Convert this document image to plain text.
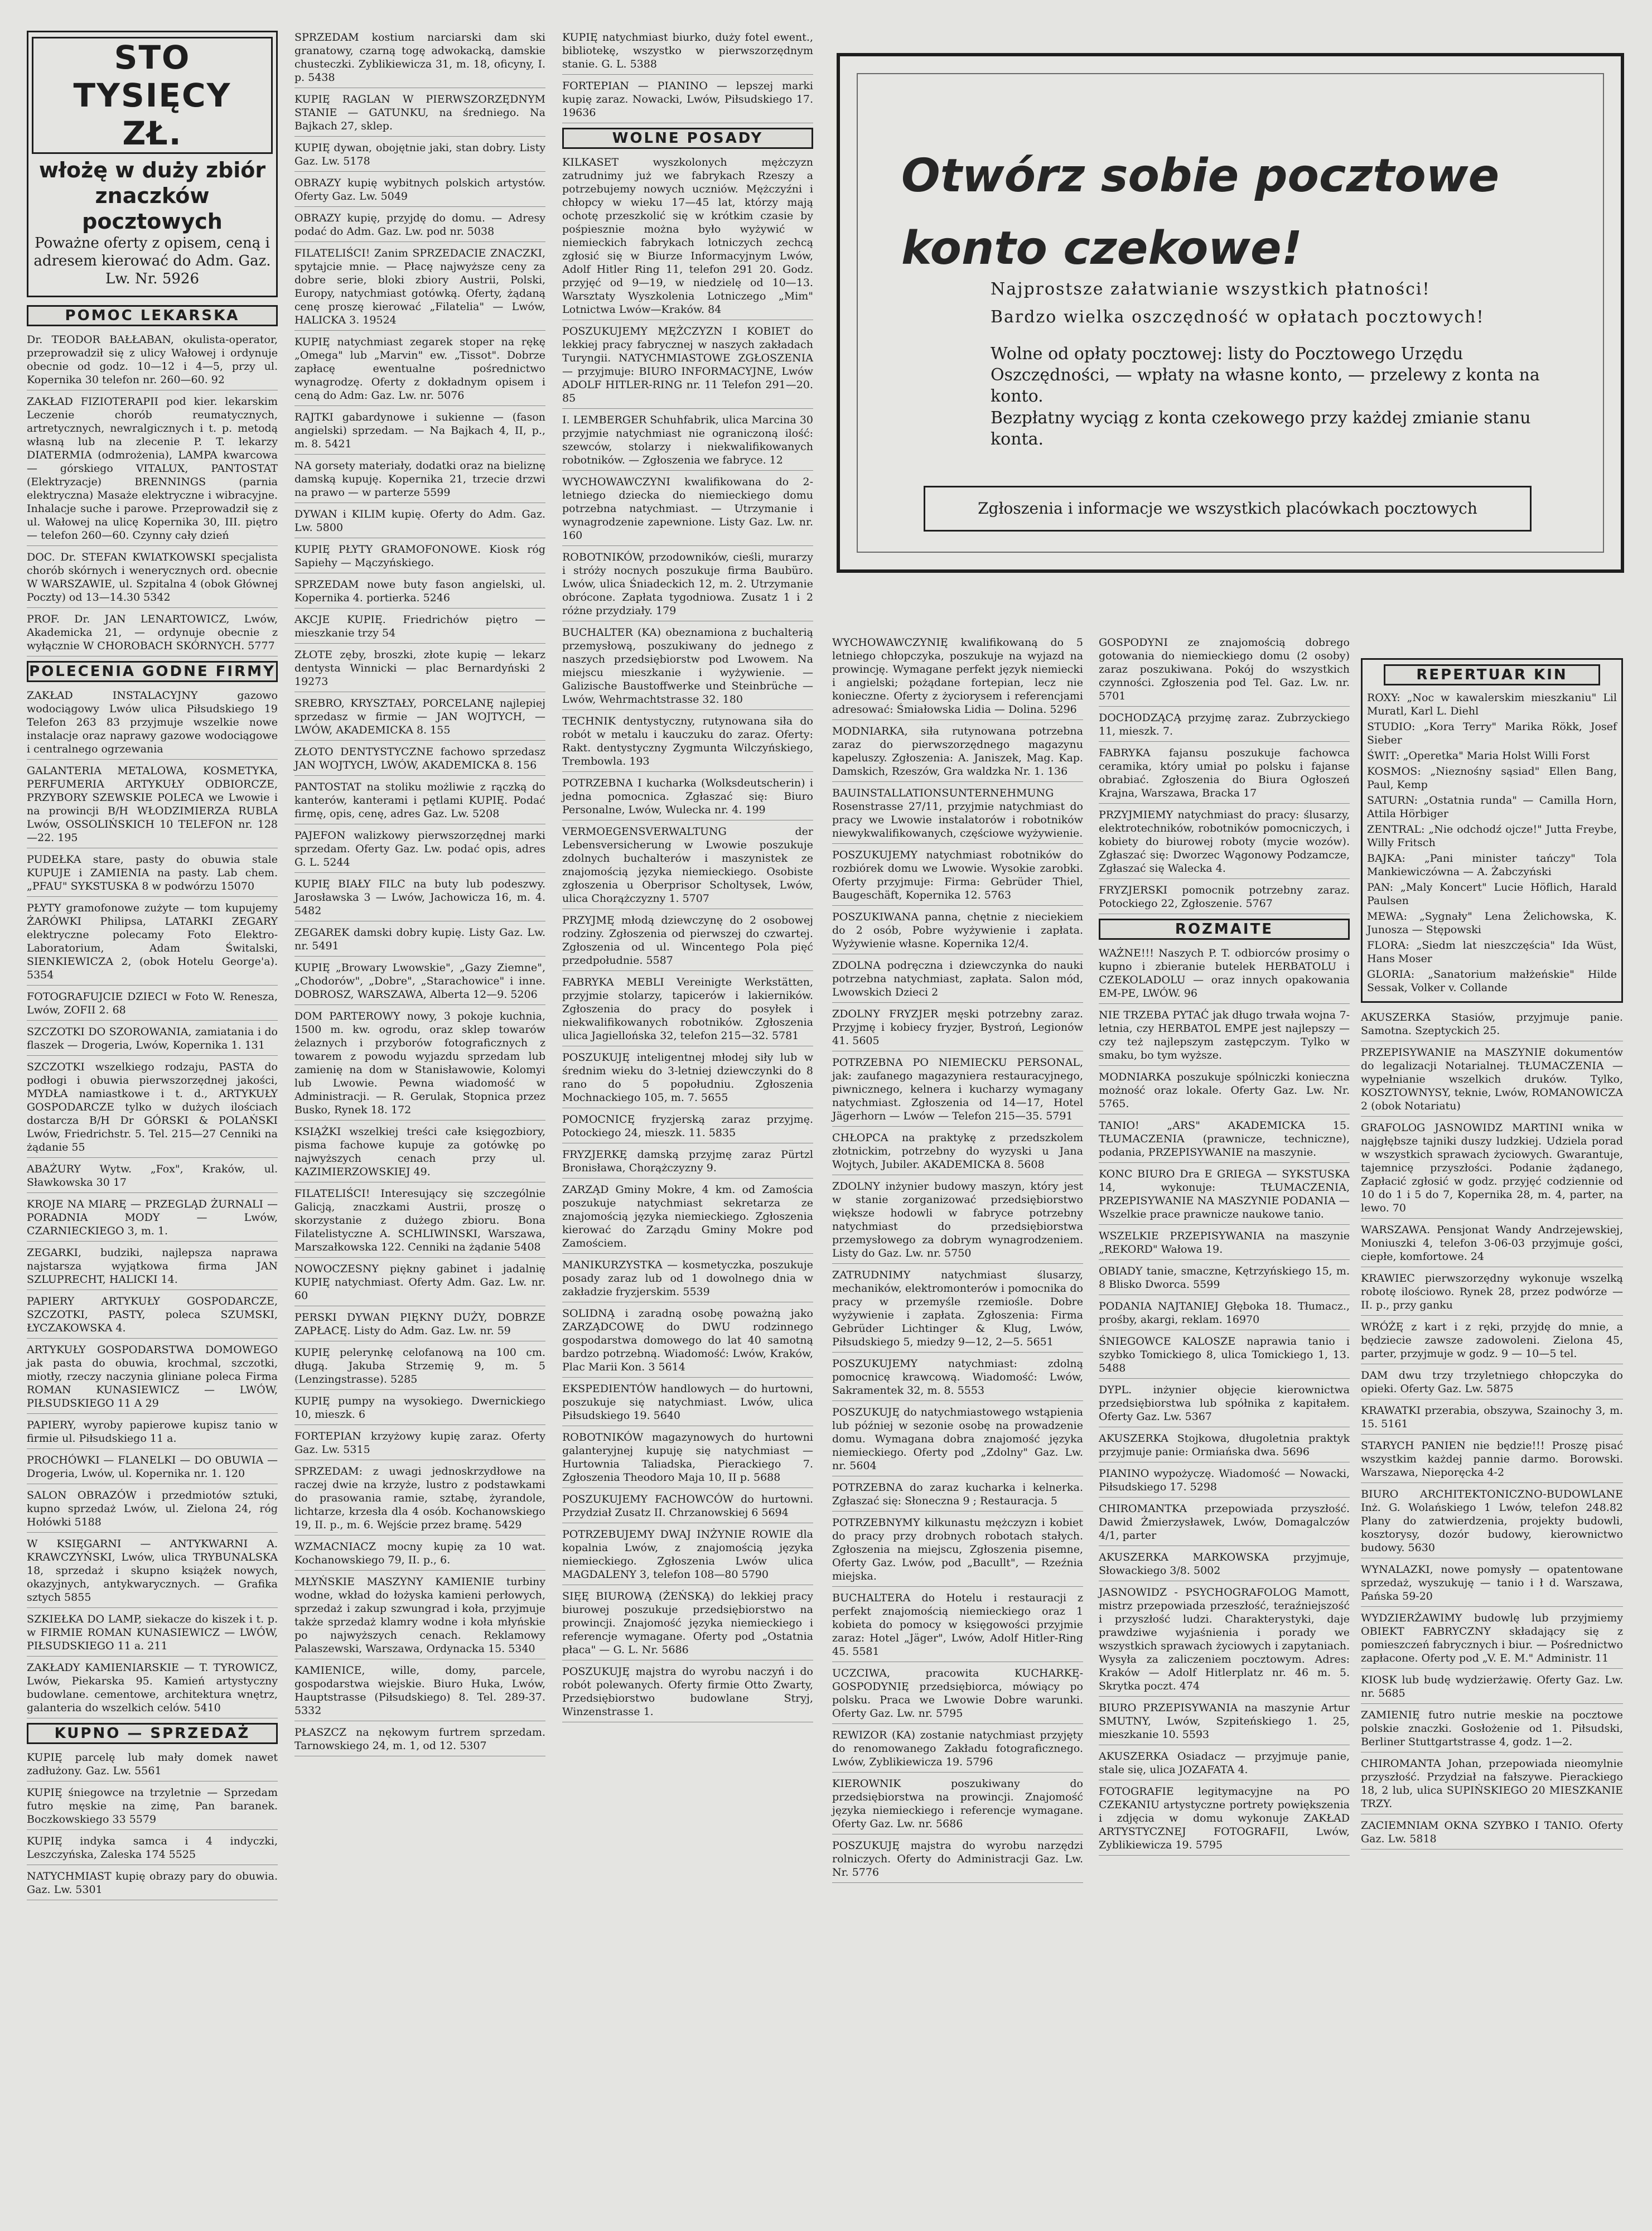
STO TYSIĘCY ZŁ.
włożę w duży zbiór
znaczków pocztowych
Poważne oferty z opisem, ceną i adresem kierować do Adm. Gaz. Lw. Nr. 5926
POMOC LEKARSKA
Dr. TEODOR BAŁŁABAN, okulista-operator, przeprowadził się z ulicy Wałowej i ordynuje obecnie od godz. 10—12 i 4—5, przy ul. Kopernika 30 telefon nr. 260—60. 92
ZAKŁAD FIZIOTERAPII pod kier. lekarskim Leczenie chorób reumatycznych, artretycznych, newralgicznych i t. p. metodą własną lub na zlecenie P. T. lekarzy DIATERMIA (odmrożenia), LAMPA kwarcowa — górskiego VITALUX, PANTOSTAT (Elektryzacje) BRENNINGS (parnia elektryczna) Masaże elektryczne i wibracyjne. Inhalacje suche i parowe. Przeprowadził się z ul. Wałowej na ulicę Kopernika 30, III. piętro — telefon 260—60. Czynny cały dzień
DOC. Dr. STEFAN KWIATKOWSKI specjalista chorób skórnych i wenerycznych ord. obecnie W WARSZAWIE, ul. Szpitalna 4 (obok Głównej Poczty) od 13—14.30 5342
PROF. Dr. JAN LENARTOWICZ, Lwów, Akademicka 21, — ordynuje obecnie z wyłącznie W CHOROBACH SKÓRNYCH. 5777
POLECENIA GODNE FIRMY
ZAKŁAD INSTALACYJNY gazowo wodociągowy Lwów ulica Piłsudskiego 19 Telefon 263 83 przyjmuje wszelkie nowe instalacje oraz naprawy gazowe wodociągowe i centralnego ogrzewania
GALANTERIA METALOWA, KOSMETYKA, PERFUMERIA ARTYKUŁY ODBIORCZE, PRZYBORY SZEWSKIE POLECA we Lwowie i na prowincji B/H WŁODZIMIERZA RUBLA Lwów, OSSOLIŃSKICH 10 TELEFON nr. 128—22. 195
PUDEŁKA stare, pasty do obuwia stale KUPUJE i ZAMIENIA na pasty. Lab chem. „PFAU" SYKSTUSKA 8 w podwórzu 15070
PŁYTY gramofonowe zużyte — tom kupujemy ŻARÓWKI Philipsa, LATARKI ZEGARY elektryczne polecamy Foto Elektro-Laboratorium, Adam Świtalski, SIENKIEWICZA 2, (obok Hotelu George'a). 5354
FOTOGRAFUJCIE DZIECI w Foto W. Renesza, Lwów, ZOFII 2. 68
SZCZOTKI DO SZOROWANIA, zamiatania i do flaszek — Drogeria, Lwów, Kopernika 1. 131
SZCZOTKI wszelkiego rodzaju, PASTA do podłogi i obuwia pierwszorzędnej jakości, MYDŁA namiastkowe i t. d., ARTYKUŁY GOSPODARCZE tylko w dużych ilościach dostarcza B/H Dr GÓRSKI & POLAŃSKI Lwów, Friedrichstr. 5. Tel. 215—27 Cenniki na żądanie 55
ABAŻURY Wytw. „Fox", Kraków, ul. Sławkowska 30 17
KROJE NA MIARĘ — PRZEGLĄD ŻURNALI — PORADNIA MODY — Lwów, CZARNIECKIEGO 3, m. 1.
ZEGARKI, budziki, najlepsza naprawa najstarsza wyjątkowa firma JAN SZLUPRECHT, HALICKI 14.
PAPIERY ARTYKUŁY GOSPODARCZE, SZCZOTKI, PASTY, poleca SZUMSKI, ŁYCZAKOWSKA 4.
ARTYKUŁY GOSPODARSTWA DOMOWEGO jak pasta do obuwia, krochmal, szczotki, miotły, rzeczy naczynia gliniane poleca Firma ROMAN KUNASIEWICZ — LWÓW, PIŁSUDSKIEGO 11 A 29
PAPIERY, wyroby papierowe kupisz tanio w firmie ul. Piłsudskiego 11 a.
PROCHÓWKI — FLANELKI — DO OBUWIA — Drogeria, Lwów, ul. Kopernika nr. 1. 120
SALON OBRAZÓW i przedmiotów sztuki, kupno sprzedaż Lwów, ul. Zielona 24, róg Hołówki 5188
W KSIĘGARNI — ANTYKWARNI A. KRAWCZYŃSKI, Lwów, ulica TRYBUNALSKA 18, sprzedaż i skupno książek nowych, okazyjnych, antykwarycznych. — Grafika sztych 5855
SZKIEŁKA DO LAMP, siekacze do kiszek i t. p. w FIRMIE ROMAN KUNASIEWICZ — LWÓW, PIŁSUDSKIEGO 11 a. 211
ZAKŁADY KAMIENIARSKIE — T. TYROWICZ, Lwów, Piekarska 95. Kamień artystyczny budowlane. cementowe, architektura wnętrz, galanteria do wszelkich celów. 5410
KUPNO — SPRZEDAŻ
KUPIĘ parcelę lub mały domek nawet zadłużony. Gaz. Lw. 5561
KUPIĘ śniegowce na trzyletnie — Sprzedam futro męskie na zimę, Pan baranek. Boczkowskiego 33 5579
KUPIĘ indyka samca i 4 indyczki, Leszczyńska, Zaleska 174 5525
NATYCHMIAST kupię obrazy pary do obuwia. Gaz. Lw. 5301
SPRZEDAM kostium narciarski dam ski granatowy, czarną togę adwokacką, damskie chusteczki. Zyblikiewicza 31, m. 18, oficyny, I. p. 5438
KUPIĘ RAGLAN W PIERWSZORZĘDNYM STANIE — GATUNKU, na średniego. Na Bajkach 27, sklep.
KUPIĘ dywan, obojętnie jaki, stan dobry. Listy Gaz. Lw. 5178
OBRAZY kupię wybitnych polskich artystów. Oferty Gaz. Lw. 5049
OBRAZY kupię, przyjdę do domu. — Adresy podać do Adm. Gaz. Lw. pod nr. 5038
FILATELIŚCI! Zanim SPRZEDACIE ZNACZKI, spytajcie mnie. — Płacę najwyższe ceny za dobre serie, bloki zbiory Austrii, Polski, Europy, natychmiast gotówką. Oferty, żądaną cenę proszę kierować „Filatelia" — Lwów, HALICKA 3. 19524
KUPIĘ natychmiast zegarek stoper na rękę „Omega" lub „Marvin" ew. „Tissot". Dobrze zapłacę ewentualne pośrednictwo wynagrodzę. Oferty z dokładnym opisem i ceną do Adm: Gaz. Lw. nr. 5076
RAJTKI gabardynowe i sukienne — (fason angielski) sprzedam. — Na Bajkach 4, II, p., m. 8. 5421
NA gorsety materiały, dodatki oraz na bieliznę damską kupuję. Kopernika 21, trzecie drzwi na prawo — w parterze 5599
DYWAN i KILIM kupię. Oferty do Adm. Gaz. Lw. 5800
KUPIĘ PŁYTY GRAMOFONOWE. Kiosk róg Sapiehy — Mączyńskiego.
SPRZEDAM nowe buty fason angielski, ul. Kopernika 4. portierka. 5246
AKCJE KUPIĘ. Friedrichów piętro — mieszkanie trzy 54
ZŁOTE zęby, broszki, złote kupię — lekarz dentysta Winnicki — plac Bernardyński 2 19273
SREBRO, KRYSZTAŁY, PORCELANĘ najlepiej sprzedasz w firmie — JAN WOJTYCH, — LWÓW, AKADEMICKA 8. 155
ZŁOTO DENTYSTYCZNE fachowo sprzedasz JAN WOJTYCH, LWÓW, AKADEMICKA 8. 156
PANTOSTAT na stoliku możliwie z rączką do kanterów, kanterami i pętlami KUPIĘ. Podać firmę, opis, cenę, adres Gaz. Lw. 5208
PAJEFON walizkowy pierwszorzędnej marki sprzedam. Oferty Gaz. Lw. podać opis, adres G. L. 5244
KUPIĘ BIAŁY FILC na buty lub podeszwy. Jarosławska 3 — Lwów, Jachowicza 16, m. 4. 5482
ZEGAREK damski dobry kupię. Listy Gaz. Lw. nr. 5491
KUPIĘ „Browary Lwowskie", „Gazy Ziemne", „Chodorów", „Dobre", „Starachowice" i inne. DOBROSZ, WARSZAWA, Alberta 12—9. 5206
DOM PARTEROWY nowy, 3 pokoje kuchnia, 1500 m. kw. ogrodu, oraz sklep towarów żelaznych i przyborów fotograficznych z towarem z powodu wyjazdu sprzedam lub zamienię na dom w Stanisławowie, Kolomyi lub Lwowie. Pewna wiadomość w Administracji. — R. Gerulak, Stopnica przez Busko, Rynek 18. 172
KSIĄŻKI wszelkiej treści całe księgozbiory, pisma fachowe kupuje za gotówkę po najwyższych cenach przy ul. KAZIMIERZOWSKIEJ 49.
FILATELIŚCI! Interesujący się szczególnie Galicją, znaczkami Austrii, proszę o skorzystanie z dużego zbioru. Bona Filatelistyczne A. SCHLIWINSKI, Warszawa, Marszałkowska 122. Cenniki na żądanie 5408
NOWOCZESNY piękny gabinet i jadalnię KUPIĘ natychmiast. Oferty Adm. Gaz. Lw. nr. 60
PERSKI DYWAN PIĘKNY DUŻY, DOBRZE ZAPŁACĘ. Listy do Adm. Gaz. Lw. nr. 59
KUPIĘ pelerynkę celofanową na 100 cm. długą. Jakuba Strzemię 9, m. 5 (Lenzingstrasse). 5285
KUPIĘ pumpy na wysokiego. Dwernickiego 10, mieszk. 6
FORTEPIAN krzyżowy kupię zaraz. Oferty Gaz. Lw. 5315
SPRZEDAM: z uwagi jednoskrzydłowe na raczej dwie na krzyże, lustro z podstawkami do prasowania ramie, sztabę, żyrandole, lichtarze, krzesła dla 4 osób. Kochanowskiego 19, II. p., m. 6. Wejście przez bramę. 5429
WZMACNIACZ mocny kupię za 10 wat. Kochanowskiego 79, II. p., 6.
MŁYŃSKIE MASZYNY KAMIENIE turbiny wodne, wkład do łożyska kamieni perłowych, sprzedaż i zakup szwungrad i koła, przyjmuje także sprzedaż klamry wodne i koła młyńskie po najwyższych cenach. Reklamowy Palaszewski, Warszawa, Ordynacka 15. 5340
KAMIENICE, wille, domy, parcele, gospodarstwa wiejskie. Biuro Huka, Lwów, Hauptstrasse (Piłsudskiego) 8. Tel. 289-37. 5332
PŁASZCZ na nękowym furtrem sprzedam. Tarnowskiego 24, m. 1, od 12. 5307
KUPIĘ natychmiast biurko, duży fotel ewent., bibliotekę, wszystko w pierwszorzędnym stanie. G. L. 5388
FORTEPIAN — PIANINO — lepszej marki kupię zaraz. Nowacki, Lwów, Piłsudskiego 17. 19636
WOLNE POSADY
KILKASET wyszkolonych mężczyzn zatrudnimy już we fabrykach Rzeszy a potrzebujemy nowych uczniów. Mężczyźni i chłopcy w wieku 17—45 lat, którzy mają ochotę przeszkolić się w krótkim czasie by pośpiesznie można było wyżywić w niemieckich fabrykach lotniczych zechcą zgłosić się w Biurze Informacyjnym Lwów, Adolf Hitler Ring 11, telefon 291 20. Godz. przyjęć od 9—19, w niedzielę od 10—13. Warsztaty Wyszkolenia Lotniczego „Mim" Lotnictwa Lwów—Kraków. 84
POSZUKUJEMY MĘŻCZYZN I KOBIET do lekkiej pracy fabrycznej w naszych zakładach Turyngii. NATYCHMIASTOWE ZGŁOSZENIA — przyjmuje: BIURO INFORMACYJNE, Lwów ADOLF HITLER-RING nr. 11 Telefon 291—20. 85
I. LEMBERGER Schuhfabrik, ulica Marcina 30 przyjmie natychmiast nie ograniczoną ilość: szewców, stolarzy i niekwalifikowanych robotników. — Zgłoszenia we fabryce. 12
WYCHOWAWCZYNI kwalifikowana do 2-letniego dziecka do niemieckiego domu potrzebna natychmiast. — Utrzymanie i wynagrodzenie zapewnione. Listy Gaz. Lw. nr. 160
ROBOTNIKÓW, przodowników, cieśli, murarzy i stróży nocnych poszukuje firma Baubüro. Lwów, ulica Śniadeckich 12, m. 2. Utrzymanie obrócone. Zapłata tygodniowa. Zusatz 1 i 2 różne przydziały. 179
BUCHALTER (KA) obeznamiona z buchalterią przemysłową, poszukiwany do jednego z naszych przedsiębiorstw pod Lwowem. Na miejscu mieszkanie i wyżywienie. — Galizische Baustoffwerke und Steinbrüche — Lwów, Wehrmachtstrasse 32. 180
TECHNIK dentystyczny, rutynowana siła do robót w metalu i kauczuku do zaraz. Oferty: Rakt. dentystyczny Zygmunta Wilczyńskiego, Trembowla. 193
POTRZEBNA I kucharka (Wolksdeutscherin) i jedna pomocnica. Zgłaszać się: Biuro Personalne, Lwów, Wulecka nr. 4. 199
VERMOEGENSVERWALTUNG der Lebensversicherung w Lwowie poszukuje zdolnych buchalterów i maszynistek ze znajomością języka niemieckiego. Osobiste zgłoszenia u Oberprisor Scholtysek, Lwów, ulica Chorążczyzny 1. 5707
PRZYJMĘ młodą dziewczynę do 2 osobowej rodziny. Zgłoszenia od pierwszej do czwartej. Zgłoszenia od ul. Wincentego Pola pięć przedpołudnie. 5587
FABRYKA MEBLI Vereinigte Werkstätten, przyjmie stolarzy, tapicerów i lakierników. Zgłoszenia do pracy do posyłek i niekwalifikowanych robotników. Zgłoszenia ulica Jagiellońska 32, telefon 215—32. 5781
POSZUKUJĘ inteligentnej młodej siły lub w średnim wieku do 3-letniej dziewczynki do 8 rano do 5 popołudniu. Zgłoszenia Mochnackiego 105, m. 7. 5655
POMOCNICĘ fryzjerską zaraz przyjmę. Potockiego 24, mieszk. 11. 5835
FRYZJERKĘ damską przyjmę zaraz Pürtzl Bronisława, Chorążczyzny 9.
ZARZĄD Gminy Mokre, 4 km. od Zamościa poszukuje natychmiast sekretarza ze znajomością języka niemieckiego. Zgłoszenia kierować do Zarządu Gminy Mokre pod Zamościem.
MANIKURZYSTKA — kosmetyczka, poszukuje posady zaraz lub od 1 dowolnego dnia w zakładzie fryzjerskim. 5539
SOLIDNĄ i zaradną osobę poważną jako ZARZĄDCOWĘ do DWU rodzinnego gospodarstwa domowego do lat 40 samotną bardzo potrzebną. Wiadomość: Lwów, Kraków, Plac Marii Kon. 3 5614
EKSPEDIENTÓW handlowych — do hurtowni, poszukuje się natychmiast. Lwów, ulica Piłsudskiego 19. 5640
ROBOTNIKÓW magazynowych do hurtowni galanteryjnej kupuję się natychmiast — Hurtownia Taliadska, Pierackiego 7. Zgłoszenia Theodoro Maja 10, II p. 5688
POSZUKUJEMY FACHOWCÓW do hurtowni. Przydział Zusatz II. Chrzanowskiej 6 5694
POTRZEBUJEMY DWAJ INŻYNIE ROWIE dla kopalnia Lwów, z znajomością języka niemieckiego. Zgłoszenia Lwów ulica MAGDALENY 3, telefon 108—80 5790
SIĘĘ BIUROWĄ (ŻEŃSKĄ) do lekkiej pracy biurowej poszukuje przedsiębiorstwo na prowincji. Znajomość języka niemieckiego i referencje wymagane. Oferty pod „Ostatnia płaca" — G. L. Nr. 5686
POSZUKUJĘ majstra do wyrobu naczyń i do robót polewanych. Oferty firmie Otto Zwarty, Przedsiębiorstwo budowlane Stryj, Winzenstrasse 1.
Otwórz sobie pocztowe konto czekowe!
Najprostsze załatwianie wszystkich płatności!
Bardzo wielka oszczędność w opłatach pocztowych!
Wolne od opłaty pocztowej: listy do Pocztowego Urzędu Oszczędności, — wpłaty na własne konto, — przelewy z konta na konto.
Bezpłatny wyciąg z konta czekowego przy każdej zmianie stanu konta.
Zgłoszenia i informacje we wszystkich placówkach pocztowych
WYCHOWAWCZYNIĘ kwalifikowaną do 5 letniego chłopczyka, poszukuje na wyjazd na prowincję. Wymagane perfekt język niemiecki i angielski; pożądane fortepian, lecz nie konieczne. Oferty z życiorysem i referencjami adresować: Śmiałowska Lidia — Dolina. 5296
MODNIARKA, siła rutynowana potrzebna zaraz do pierwszorzędnego magazynu kapeluszy. Zgłoszenia: A. Janiszek, Mag. Kap. Damskich, Rzeszów, Gra waldzka Nr. 1. 136
BAUINSTALLATIONSUNTERNEHMUNG Rosenstrasse 27/11, przyjmie natychmiast do pracy we Lwowie instalatorów i robotników niewykwalifikowanych, częściowe wyżywienie.
POSZUKUJEMY natychmiast robotników do rozbiórek domu we Lwowie. Wysokie zarobki. Oferty przyjmuje: Firma: Gebrüder Thiel, Baugeschäft, Kopernika 12. 5763
POSZUKIWANA panna, chętnie z nieciekiem do 2 osób, Pobre wyżywienie i zapłata. Wyżywienie własne. Kopernika 12/4.
ZDOLNA podręczna i dziewczynka do nauki potrzebna natychmiast, zapłata. Salon mód, Lwowskich Dzieci 2
ZDOLNY FRYZJER męski potrzebny zaraz. Przyjmę i kobiecy fryzjer, Bystroń, Legionów 41. 5605
POTRZEBNA PO NIEMIECKU PERSONAL, jak: zaufanego magazyniera restauracyjnego, piwnicznego, kelnera i kucharzy wymagany natychmiast. Zgłoszenia od 14—17, Hotel Jägerhorn — Lwów — Telefon 215—35. 5791
CHŁOPCA na praktykę z przedszkolem złotnickim, potrzebny do wyzyski u Jana Wojtych, Jubiler. AKADEMICKA 8. 5608
ZDOLNY inżynier budowy maszyn, który jest w stanie zorganizować przedsiębiorstwo większe hodowli w fabryce potrzebny natychmiast do przedsiębiorstwa przemysłowego za dobrym wynagrodzeniem. Listy do Gaz. Lw. nr. 5750
ZATRUDNIMY natychmiast ślusarzy, mechaników, elektromonterów i pomocnika do pracy w przemyśle rzemiośle. Dobre wyżywienie i zapłata. Zgłoszenia: Firma Gebrüder Lichtinger & Klug, Lwów, Piłsudskiego 5, miedzy 9—12, 2—5. 5651
POSZUKUJEMY natychmiast: zdolną pomocnicę krawcową. Wiadomość: Lwów, Sakramentek 32, m. 8. 5553
POSZUKUJĘ do natychmiastowego wstąpienia lub później w sezonie osobę na prowadzenie domu. Wymagana dobra znajomość języka niemieckiego. Oferty pod „Zdolny" Gaz. Lw. nr. 5604
POTRZEBNA do zaraz kucharka i kelnerka. Zgłaszać się: Słoneczna 9 ; Restauracja. 5
POTRZEBNYMY kilkunastu mężczyzn i kobiet do pracy przy drobnych robotach stałych. Zgłoszenia na miejscu, Zgłoszenia pisemne, Oferty Gaz. Lwów, pod „Bacullt", — Rzeźnia miejska.
BUCHALTERA do Hotelu i restauracji z perfekt znajomością niemieckiego oraz 1 kobieta do pomocy w księgowości przyjmie zaraz: Hotel „Jäger", Lwów, Adolf Hitler-Ring 45. 5581
UCZCIWA, pracowita KUCHARKĘ-GOSPODYNIĘ przedsiębiorca, mówiący po polsku. Praca we Lwowie Dobre warunki. Oferty Gaz. Lw. nr. 5795
REWIZOR (KA) zostanie natychmiast przyjęty do renomowanego Zakładu fotograficznego. Lwów, Zyblikiewicza 19. 5796
KIEROWNIK poszukiwany do przedsiębiorstwa na prowincji. Znajomość języka niemieckiego i referencje wymagane. Oferty Gaz. Lw. nr. 5686
POSZUKUJĘ majstra do wyrobu narzędzi rolniczych. Oferty do Administracji Gaz. Lw. Nr. 5776
GOSPODYNI ze znajomością dobrego gotowania do niemieckiego domu (2 osoby) zaraz poszukiwana. Pokój do wszystkich czynności. Zgłoszenia pod Tel. Gaz. Lw. nr. 5701
DOCHODZĄCĄ przyjmę zaraz. Zubrzyckiego 11, mieszk. 7.
FABRYKA fajansu poszukuje fachowca ceramika, który umiał po polsku i fajanse obrabiać. Zgłoszenia do Biura Ogłoszeń Krajna, Warszawa, Bracka 17
PRZYJMIEMY natychmiast do pracy: ślusarzy, elektrotechników, robotników pomocniczych, i kobiety do biurowej roboty (mycie wozów). Zgłaszać się: Dworzec Wągonowy Podzamcze, Zgłaszać się Walecka 4.
FRYZJERSKI pomocnik potrzebny zaraz. Potockiego 22, Zgłoszenie. 5767
ROZMAITE
WAŻNE!!! Naszych P. T. odbiorców prosimy o kupno i zbieranie butelek HERBATOLU i CZEKOLADOLU — oraz innych opakowania EM-PE, LWÓW. 96
NIE TRZEBA PYTAĆ jak długo trwała wojna 7-letnia, czy HERBATOL EMPE jest najlepszy — czy też najlepszym zastępczym. Tylko w smaku, bo tym wyższe.
MODNIARKA poszukuje spólniczki konieczna możność oraz lokale. Oferty Gaz. Lw. Nr. 5765.
TANIO! „ARS" AKADEMICKA 15. TŁUMACZENIA (prawnicze, techniczne), podania, PRZEPISYWANIE na maszynie.
KONC BIURO Dra E GRIEGA — SYKSTUSKA 14, wykonuje: TŁUMACZENIA, PRZEPISYWANIE NA MASZYNIE PODANIA — Wszelkie prace prawnicze naukowe tanio.
WSZELKIE PRZEPISYWANIA na maszynie „REKORD" Wałowa 19.
OBIADY tanie, smaczne, Kętrzyńskiego 15, m. 8 Blisko Dworca. 5599
PODANIA NAJTANIEJ Głęboka 18. Tłumacz., prośby, akargi, reklam. 16970
ŚNIEGOWCE KALOSZE naprawia tanio i szybko Tomickiego 8, ulica Tomickiego 1, 13. 5488
DYPL. inżynier objęcie kierownictwa przedsiębiorstwa lub spółnika z kapitałem. Oferty Gaz. Lw. 5367
AKUSZERKA Stojkowa, długoletnia praktyk przyjmuje panie: Ormiańska dwa. 5696
PIANINO wypożyczę. Wiadomość — Nowacki, Piłsudskiego 17. 5298
CHIROMANTKA przepowiada przyszłość. Dawid Żmierzysławek, Lwów, Domagalczów 4/1, parter
AKUSZERKA MARKOWSKA przyjmuje, Słowackiego 3/8. 5002
JASNOWIDZ - PSYCHOGRAFOLOG Mamott, mistrz przepowiada przeszłość, teraźniejszość i przyszłość ludzi. Charakterystyki, daje prawdziwe wyjaśnienia i porady we wszystkich sprawach życiowych i zapytaniach. Wysyła za zaliczeniem pocztowym. Adres: Kraków — Adolf Hitlerplatz nr. 46 m. 5. Skrytka poczt. 474
BIURO PRZEPISYWANIA na maszynie Artur SMUTNY, Lwów, Szpiteńskiego 1. 25, mieszkanie 10. 5593
AKUSZERKA Osiadacz — przyjmuje panie, stale się, ulica JOZAFATA 4.
FOTOGRAFIE legitymacyjne na PO CZEKANIU artystyczne portrety powiększenia i zdjęcia w domu wykonuje ZAKŁAD ARTYSTYCZNEJ FOTOGRAFII, Lwów, Zyblikiewicza 19. 5795
REPERTUAR KIN
ROXY: „Noc w kawalerskim mieszkaniu" Lil Muratl, Karl L. Diehl
STUDIO: „Kora Terry" Marika Rökk, Josef Sieber
ŚWIT: „Operetka" Maria Holst Willi Forst
KOSMOS: „Nieznośny sąsiad" Ellen Bang, Paul, Kemp
SATURN: „Ostatnia runda" — Camilla Horn, Attila Hörbiger
ZENTRAL: „Nie odchodź ojcze!" Jutta Freybe, Willy Fritsch
BAJKA: „Pani minister tańczy" Tola Mankiewiczówna — A. Żabczyński
PAN: „Maly Koncert" Lucie Höflich, Harald Paulsen
MEWA: „Sygnały" Lena Żelichowska, K. Junosza — Stępowski
FLORA: „Siedm lat nieszczęścia" Ida Wüst, Hans Moser
GLORIA: „Sanatorium małżeńskie" Hilde Sessak, Volker v. Collande
AKUSZERKA Stasiów, przyjmuje panie. Samotna. Szeptyckich 25.
PRZEPISYWANIE na MASZYNIE dokumentów do legalizacji Notarialnej. TŁUMACZENIA — wypełnianie wszelkich druków. Tylko, KOSZTOWNYSY, teknie, Lwów, ROMANOWICZA 2 (obok Notariatu)
GRAFOLOG JASNOWIDZ MARTINI wnika w najgłębsze tajniki duszy ludzkiej. Udziela porad w wszystkich sprawach życiowych. Gwarantuje, tajemnicę przyszłości. Podanie żądanego, Zapłacić zgłosić w godz. przyjęć codziennie od 10 do 1 i 5 do 7, Kopernika 28, m. 4, parter, na lewo. 70
WARSZAWA. Pensjonat Wandy Andrzejewskiej, Moniuszki 4, telefon 3-06-03 przyjmuje gości, ciepłe, komfortowe. 24
KRAWIEC pierwszorzędny wykonuje wszelką robotę ilościowo. Rynek 28, przez podwórze — II. p., przy ganku
WRÓŻĘ z kart i z ręki, przyjdę do mnie, a będziecie zawsze zadowoleni. Zielona 45, parter, przyjmuje w godz. 9 — 10—5 tel.
DAM dwu trzy trzyletniego chłopczyka do opieki. Oferty Gaz. Lw. 5875
KRAWATKI przerabia, obszywa, Szainochy 3, m. 15. 5161
STARYCH PANIEN nie będzie!!! Proszę pisać wszystkim każdej pannie darmo. Borowski. Warszawa, Nieporęcka 4-2
BIURO ARCHITEKTONICZNO-BUDOWLANE Inż. G. Wolańskiego 1 Lwów, telefon 248.82 Plany do zatwierdzenia, projekty budowli, kosztorysy, dozór budowy, kierownictwo budowy. 5630
WYNALAZKI, nowe pomysły — opatentowane sprzedaż, wyszukuję — tanio i ł d. Warszawa, Pańska 59-20
WYDZIERŻAWIMY budowlę lub przyjmiemy OBIEKT FABRYCZNY składający się z pomieszczeń fabrycznych i biur. — Pośrednictwo zapłacone. Oferty pod „V. E. M." Administr. 11
KIOSK lub budę wydzierżawię. Oferty Gaz. Lw. nr. 5685
ZAMIENIĘ futro nutrie meskie na pocztowe polskie znaczki. Gosłożenie od 1. Piłsudski, Berliner Stuttgartstrasse 4, godz. 1—2.
CHIROMANTA Johan, przepowiada nieomylnie przyszłość. Przydział na fałszywe. Pierackiego 18, 2 lub, ulica SUPIŃSKIEGO 20 MIESZKANIE TRZY.
ZACIEMNIAM OKNA SZYBKO I TANIO. Oferty Gaz. Lw. 5818
